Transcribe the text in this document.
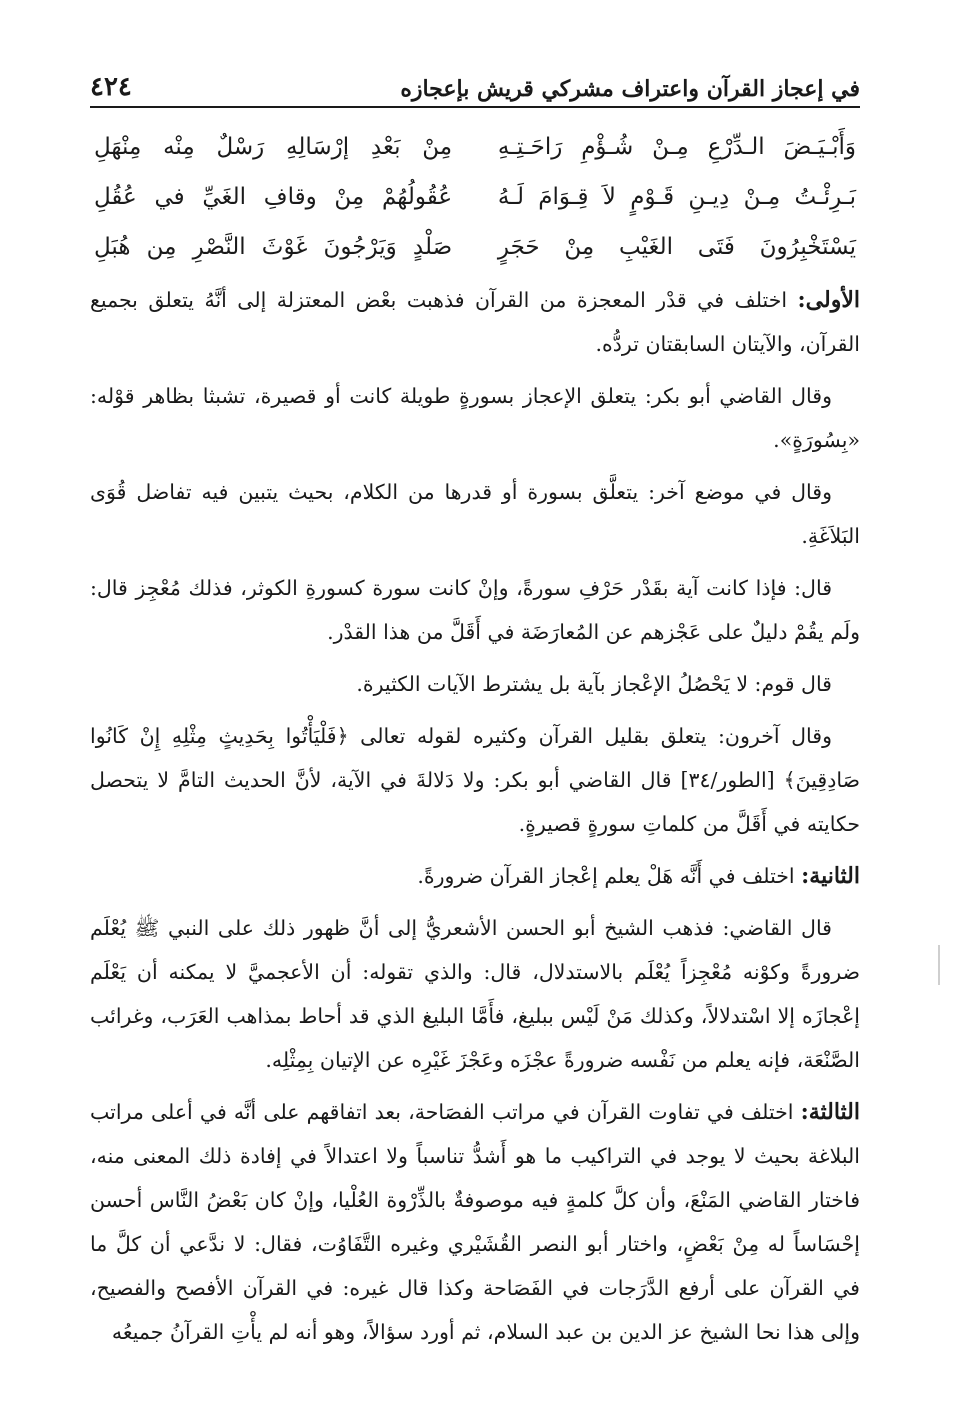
في إعجاز القرآن واعتراف مشركي قريش بإعجازه
٤٢٤
وَأَبْـيَـضَ الـدِّرْعِ مِـنْ شُـؤْمِ رَاحَـتِـهِ
مِنْ بَعْدِ إرْسَالِهِ رَسْلٌ مِنْه مِنْهَلِ
بَـرِئْـتُ مِـنْ دِيـنِ قَـوْمٍ لاَ قِـوَامَ لَـهُ
عُقُولُهُمْ مِنْ وقافِ الغَيِّ في عُقُلِ
يَسْتَخْبِرُونَ فَتَى الغَيْبِ مِنْ حَجَرٍ
صَلْدٍ وَيَرْجُونَ غَوْثَ النَّصْرِ مِن هُبَلِ

الأولى: اختلف في قدْر المعجزة من القرآن فذهبت بعْض المعتزلة إلى أنَّهُ يتعلق بجميع القرآن، والآيتان السابقتان تردُّه.

وقال القاضي أبو بكر: يتعلق الإعجاز بسورةٍ طويلة كانت أو قصيرة، تشبثا بظاهر قوْله: «بِسُورَةٍ».

وقال في موضع آخر: يتعلَّق بسورة أو قدرها من الكلام، بحيث يتبين فيه تفاضل قُوَى البَلاَغَةِ.

قال: فإذا كانت آية بقَدْر حَرْفِ سورةً، وإنْ كانت سورة كسورةِ الكوثر، فذلك مُعْجِز قال: ولَم يقُمْ دليلٌ على عَجْزهم عن المُعارَضَة في أَقَلَّ من هذا القدْر.

قال قوم: لا يَحْصُلُ الإعْجاز بآية بل يشترط الآيات الكثيرة.

وقال آخرون: يتعلق بقليل القرآن وكثيره لقوله تعالى ﴿فَلْيَأْتُوا بِحَدِيثٍ مِثْلِهِ إِنْ كَانُوا صَادِقِينَ﴾ [الطور/٣٤] قال القاضي أبو بكر: ولا دَلالةَ في الآية، لأنَّ الحديث التامَّ لا يتحصل حكايته في أَقَلَّ من كلماتِ سورةٍ قصيرةٍ.

الثانية: اختلف في أَنَّه هَلْ يعلم إعْجاز القرآن ضرورةً.

قال القاضي: فذهب الشيخ أبو الحسن الأشعريُّ إلى أنَّ ظهور ذلك على النبي ﷺ يُعْلَم ضرورةً وكوْنه مُعْجِزاً يُعْلَم بالاستدلال، قال: والذي تقوله: أن الأعجميَّ لا يمكنه أن يَعْلَم إعْجازَه إلا اسْتدلالاً، وكذلك مَنْ لَيْس ببليغ، فأَمَّا البليغ الذي قد أحاط بمذاهب العَرَب، وغرائب الصَّنْعَة، فإنه يعلم من نَفْسه ضرورةً عجْزَه وعَجْزَ غَيْرِه عن الإتيان بِمِثْلِه.

الثالثة: اختلف في تفاوت القرآن في مراتب الفصَاحة، بعد اتفاقهم على أنَّه في أعلى مراتب البلاغة بحيث لا يوجد في التراكيب ما هو أَشدُّ تناسباً ولا اعتدالاً في إفادة ذلك المعنى منه، فاختار القاضي المَنْعَ، وأن كلَّ كلمةٍ فيه موصوفةٌ بالذِّرْوة العُلْيا، وإنْ كان بَعْضُ النَّاس أحسن إحْسَاساً له مِنْ بَعْضٍ، واختار أبو النصر القُشَيْري وغيره التَّفَاوُت، فقال: لا ندَّعي أن كلَّ ما في القرآن على أرفع الدَّرَجات في الفَصَاحة وكذا قال غيره: في القرآن الأفصح والفصيح، وإلى هذا نحا الشيخ عز الدين بن عبد السلام، ثم أورد سؤالاً، وهو أنه لم يأْتِ القرآنُ جميعُه
